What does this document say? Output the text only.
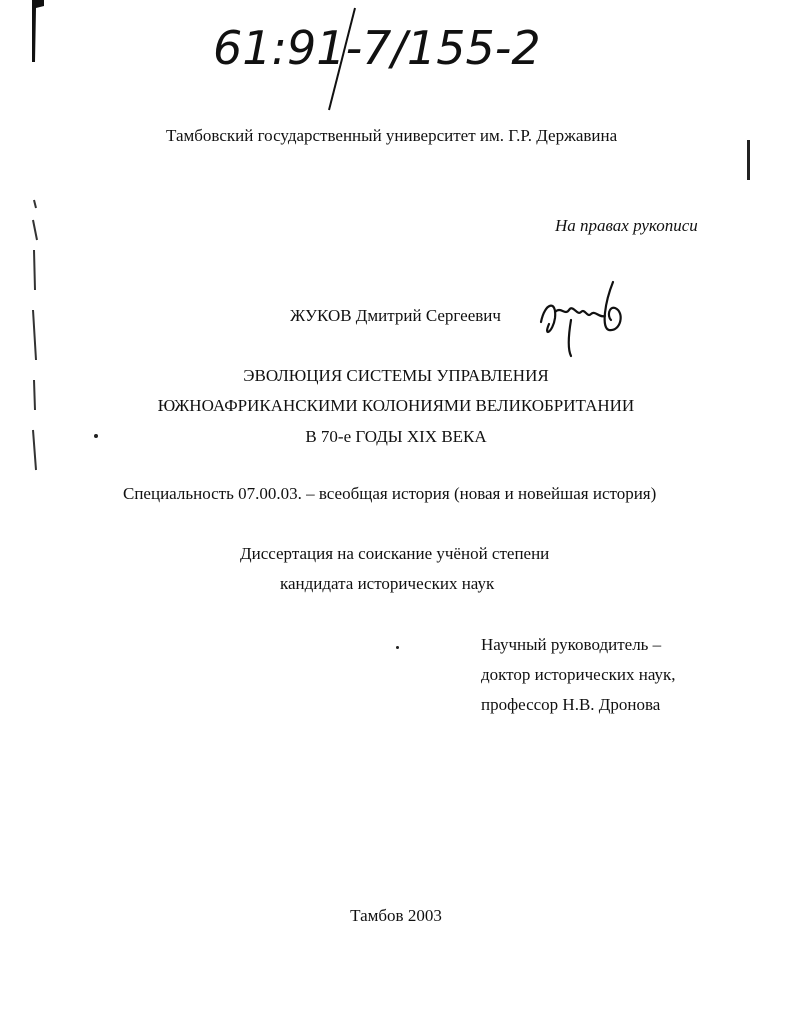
61:91-7/155-2
Тамбовский государственный университет им. Г.Р. Державина
На правах рукописи
ЖУКОВ Дмитрий Сергеевич
ЭВОЛЮЦИЯ СИСТЕМЫ УПРАВЛЕНИЯ
ЮЖНОАФРИКАНСКИМИ КОЛОНИЯМИ ВЕЛИКОБРИТАНИИ
В 70-е ГОДЫ XIX ВЕКА
Специальность 07.00.03. – всеобщая история (новая и новейшая история)
Диссертация на соискание учёной степени
кандидата исторических наук
Научный руководитель –
доктор исторических наук,
профессор Н.В. Дронова
Тамбов 2003
